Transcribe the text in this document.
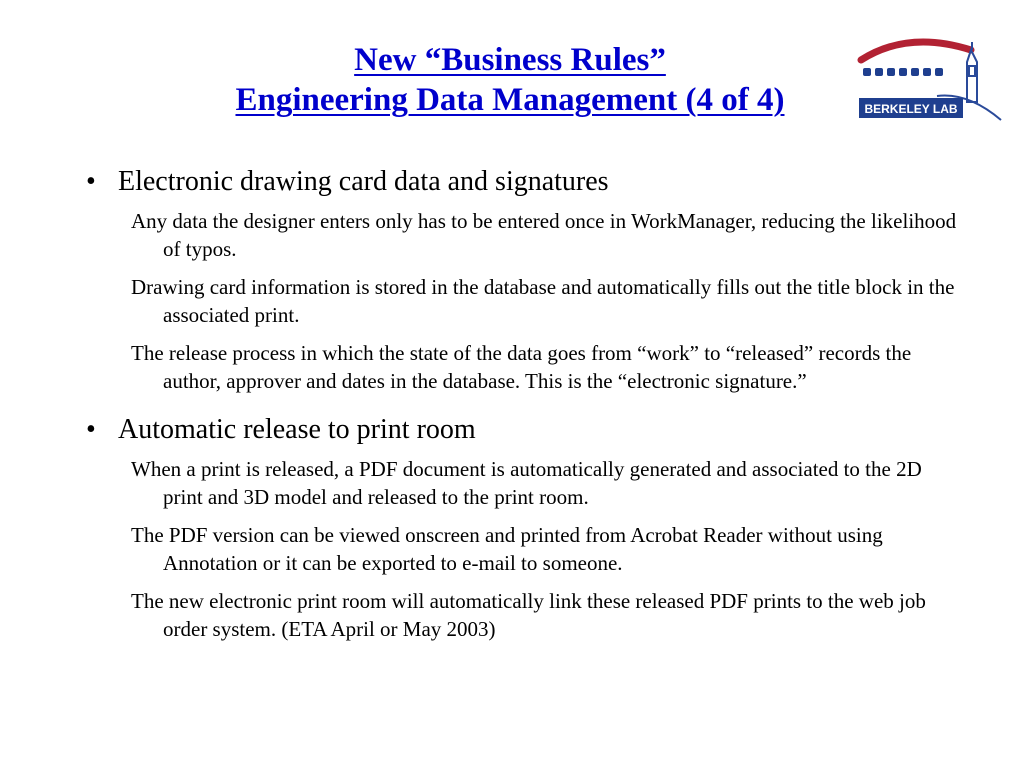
New “Business Rules”
Engineering Data Management (4 of 4)	BERKELEY LAB
• Electronic drawing card data and signatures
Any data the designer enters only has to be entered once in WorkManager, reducing the likelihood of typos.
Drawing card information is stored in the database and automatically fills out the title block in the associated print.
The release process in which the state of the data goes from “work” to “released” records the author, approver and dates in the database. This is the “electronic signature.”
• Automatic release to print room
When a print is released, a PDF document is automatically generated and associated to the 2D print and 3D model and released to the print room.
The PDF version can be viewed onscreen and printed from Acrobat Reader without using Annotation or it can be exported to e-mail to someone.
The new electronic print room will automatically link these released PDF prints to the web job order system. (ETA April or May 2003)
